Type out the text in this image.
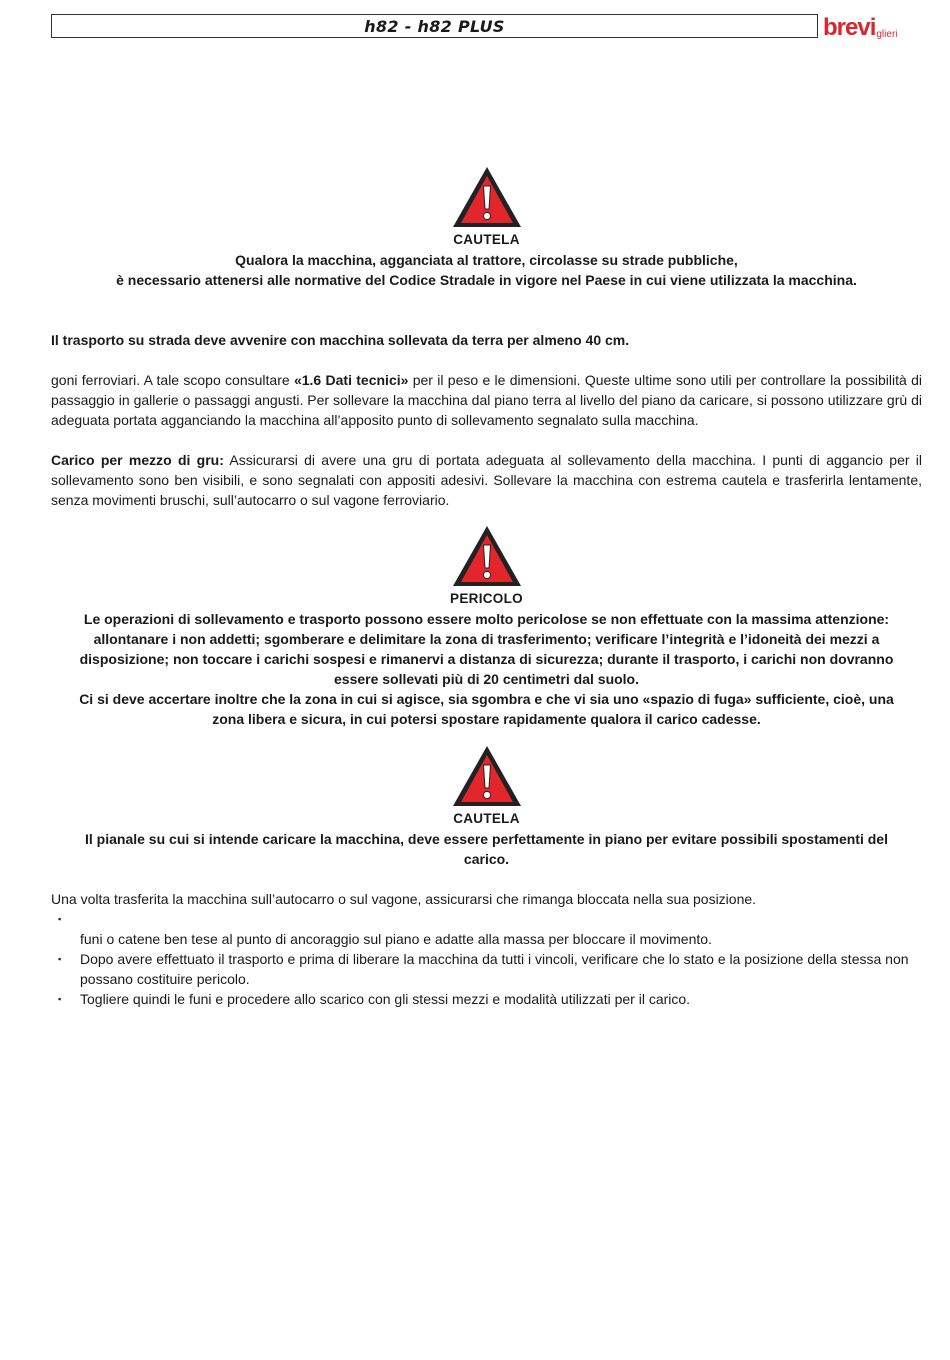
h82 - h82 PLUS	brevi glieri
CAUTELA
Qualora la macchina, agganciata al trattore, circolasse su strade pubbliche,
è necessario attenersi alle normative del Codice Stradale in vigore nel Paese in cui viene utilizzata la macchina.
Il trasporto su strada deve avvenire con macchina sollevata da terra per almeno 40 cm.
goni ferroviari. A tale scopo consultare «1.6 Dati tecnici» per il peso e le dimensioni. Queste ultime sono utili per controllare la possibilità di passaggio in gallerie o passaggi angusti. Per sollevare la macchina dal piano terra al livello del piano da caricare, si possono utilizzare grù di adeguata portata agganciando la macchina all’apposito punto di sollevamento segnalato sulla macchina.
Carico per mezzo di gru: Assicurarsi di avere una gru di portata adeguata al sollevamento della macchina. I punti di aggancio per il sollevamento sono ben visibili, e sono segnalati con appositi adesivi. Sollevare la macchina con estrema cautela e trasferirla lentamente, senza movimenti bruschi, sull’autocarro o sul vagone ferroviario.
PERICOLO
Le operazioni di sollevamento e trasporto possono essere molto pericolose se non effettuate con la massima attenzione:
allontanare i non addetti; sgomberare e delimitare la zona di trasferimento; verificare l’integrità e l’idoneità dei mezzi a
disposizione; non toccare i carichi sospesi e rimanervi a distanza di sicurezza; durante il trasporto, i carichi non dovranno
essere sollevati più di 20 centimetri dal suolo.
Ci si deve accertare inoltre che la zona in cui si agisce, sia sgombra e che vi sia uno «spazio di fuga» sufficiente, cioè, una
zona libera e sicura, in cui potersi spostare rapidamente qualora il carico cadesse.
CAUTELA
Il pianale su cui si intende caricare la macchina, deve essere perfettamente in piano per evitare possibili spostamenti del
carico.
Una volta trasferita la macchina sull’autocarro o sul vagone, assicurarsi che rimanga bloccata nella sua posizione.
▪
funi o catene ben tese al punto di ancoraggio sul piano e adatte alla massa per bloccare il movimento.
▪ Dopo avere effettuato il trasporto e prima di liberare la macchina da tutti i vincoli, verificare che lo stato e la posizione della stessa non possano costituire pericolo.
▪ Togliere quindi le funi e procedere allo scarico con gli stessi mezzi e modalità utilizzati per il carico.
